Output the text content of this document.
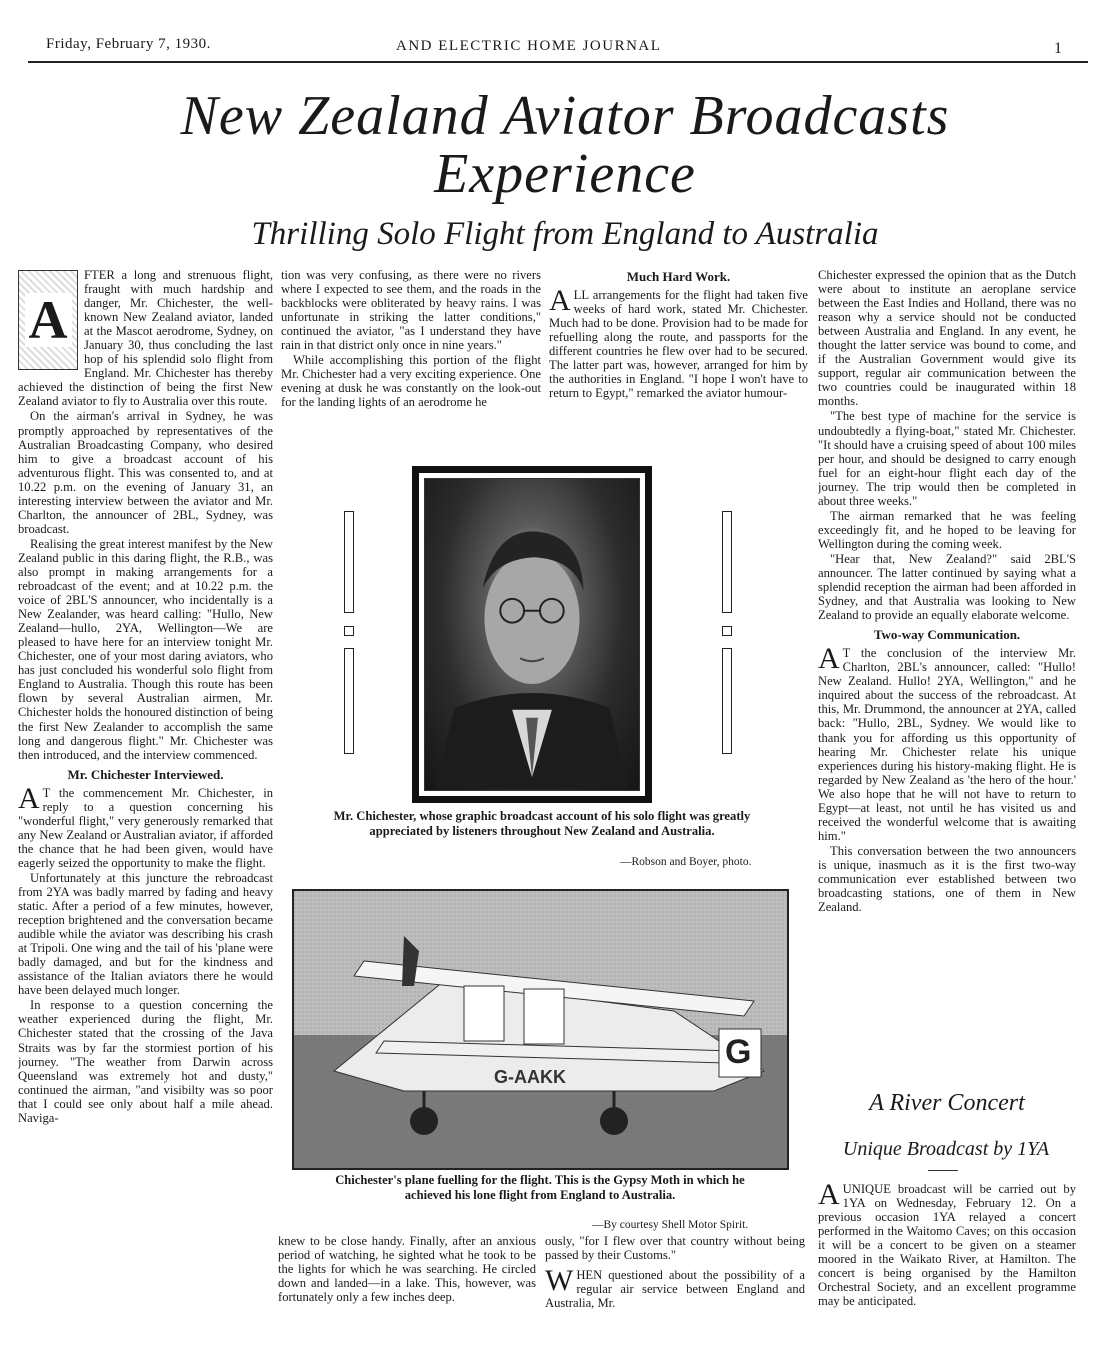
Friday, February 7, 1930.	AND ELECTRIC HOME JOURNAL	1
New Zealand Aviator Broadcasts
Experience
Thrilling Solo Flight from England to Australia
A

FTER a long and strenuous flight, fraught with much hardship and danger, Mr. Chichester, the well-known New Zealand aviator, landed at the Mascot aerodrome, Sydney, on January 30, thus concluding the last hop of his splendid solo flight from England. Mr. Chichester has thereby achieved the distinction of being the first New Zealand aviator to fly to Australia over this route.

On the airman's arrival in Sydney, he was promptly approached by representatives of the Australian Broadcasting Company, who desired him to give a broadcast account of his adventurous flight. This was consented to, and at 10.22 p.m. on the evening of January 31, an interesting interview between the aviator and Mr. Charlton, the announcer of 2BL, Sydney, was broadcast.

Realising the great interest manifest by the New Zealand public in this daring flight, the R.B., was also prompt in making arrangements for a rebroadcast of the event; and at 10.22 p.m. the voice of 2BL'S announcer, who incidentally is a New Zealander, was heard calling: "Hullo, New Zealand—hullo, 2YA, Wellington—We are pleased to have here for an interview tonight Mr. Chichester, one of your most daring aviators, who has just concluded his wonderful solo flight from England to Australia. Though this route has been flown by several Australian airmen, Mr. Chichester holds the honoured distinction of being the first New Zealander to accomplish the same long and dangerous flight." Mr. Chichester was then introduced, and the interview commenced.

Mr. Chichester Interviewed.

A T the commencement Mr. Chichester, in reply to a question concerning his "wonderful flight," very generously remarked that any New Zealand or Australian aviator, if afforded the chance that he had been given, would have eagerly seized the opportunity to make the flight.

Unfortunately at this juncture the rebroadcast from 2YA was badly marred by fading and heavy static. After a period of a few minutes, however, reception brightened and the conversation became audible while the aviator was describing his crash at Tripoli. One wing and the tail of his 'plane were badly damaged, and but for the kindness and assistance of the Italian aviators there he would have been delayed much longer.

In response to a question concerning the weather experienced during the flight, Mr. Chichester stated that the crossing of the Java Straits was by far the stormiest portion of his journey. "The weather from Darwin across Queensland was extremely hot and dusty," continued the airman, "and visibilty was so poor that I could see only about half a mile ahead. Naviga-

tion was very confusing, as there were no rivers where I expected to see them, and the roads in the backblocks were obliterated by heavy rains. I was unfortunate in striking the latter conditions," continued the aviator, "as I understand they have rain in that district only once in nine years."

While accomplishing this portion of the flight Mr. Chichester had a very exciting experience. One evening at dusk he was constantly on the look-out for the landing lights of an aerodrome he

Much Hard Work.

ALL arrangements for the flight had taken five weeks of hard work, stated Mr. Chichester. Much had to be done. Provision had to be made for refuelling along the route, and passports for the different countries he flew over had to be secured. The latter part was, however, arranged for him by the authorities in England. "I hope I won't have to return to Egypt," remarked the aviator humour-

Mr. Chichester, whose graphic broadcast account of his solo flight was greatly appreciated by listeners throughout New Zealand and Australia.
—Robson and Boyer, photo.
G-AAKK
G
Chichester's plane fuelling for the flight. This is the Gypsy Moth in which he achieved his lone flight from England to Australia.
—By courtesy Shell Motor Spirit.

knew to be close handy. Finally, after an anxious period of watching, he sighted what he took to be the lights for which he was searching. He circled down and landed—in a lake. This, however, was fortunately only a few inches deep.

ously, "for I flew over that country without being passed by their Customs."

WHEN questioned about the possibility of a regular air service between England and Australia, Mr.

Chichester expressed the opinion that as the Dutch were about to institute an aeroplane service between the East Indies and Holland, there was no reason why a service should not be conducted between Australia and England. In any event, he thought the latter service was bound to come, and if the Australian Government would give its support, regular air communication between the two countries could be inaugurated within 18 months.

"The best type of machine for the service is undoubtedly a flying-boat," stated Mr. Chichester. "It should have a cruising speed of about 100 miles per hour, and should be designed to carry enough fuel for an eight-hour flight each day of the journey. The trip would then be completed in about three weeks."

The airman remarked that he was feeling exceedingly fit, and he hoped to be leaving for Wellington during the coming week.

"Hear that, New Zealand?" said 2BL'S announcer. The latter continued by saying what a splendid reception the airman had been afforded in Sydney, and that Australia was looking to New Zealand to provide an equally elaborate welcome.

Two-way Communication.

A T the conclusion of the interview Mr. Charlton, 2BL's announcer, called: "Hullo! New Zealand. Hullo! 2YA, Wellington," and he inquired about the success of the rebroadcast. At this, Mr. Drummond, the announcer at 2YA, called back: "Hullo, 2BL, Sydney. We would like to thank you for affording us this opportunity of hearing Mr. Chichester relate his unique experiences during his history-making flight. He is regarded by New Zealand as 'the hero of the hour.' We also hope that he will not have to return to Egypt—at least, not until he has visited us and received the wonderful welcome that is awaiting him."

This conversation between the two announcers is unique, inasmuch as it is the first two-way communication ever established between two broadcasting stations, one of them in New Zealand.

A River Concert
Unique Broadcast by 1YA

AUNIQUE broadcast will be carried out by 1YA on Wednesday, February 12. On a previous occasion 1YA relayed a concert performed in the Waitomo Caves; on this occasion it will be a concert to be given on a steamer moored in the Waikato River, at Hamilton. The concert is being organised by the Hamilton Orchestral Society, and an excellent programme may be anticipated.
